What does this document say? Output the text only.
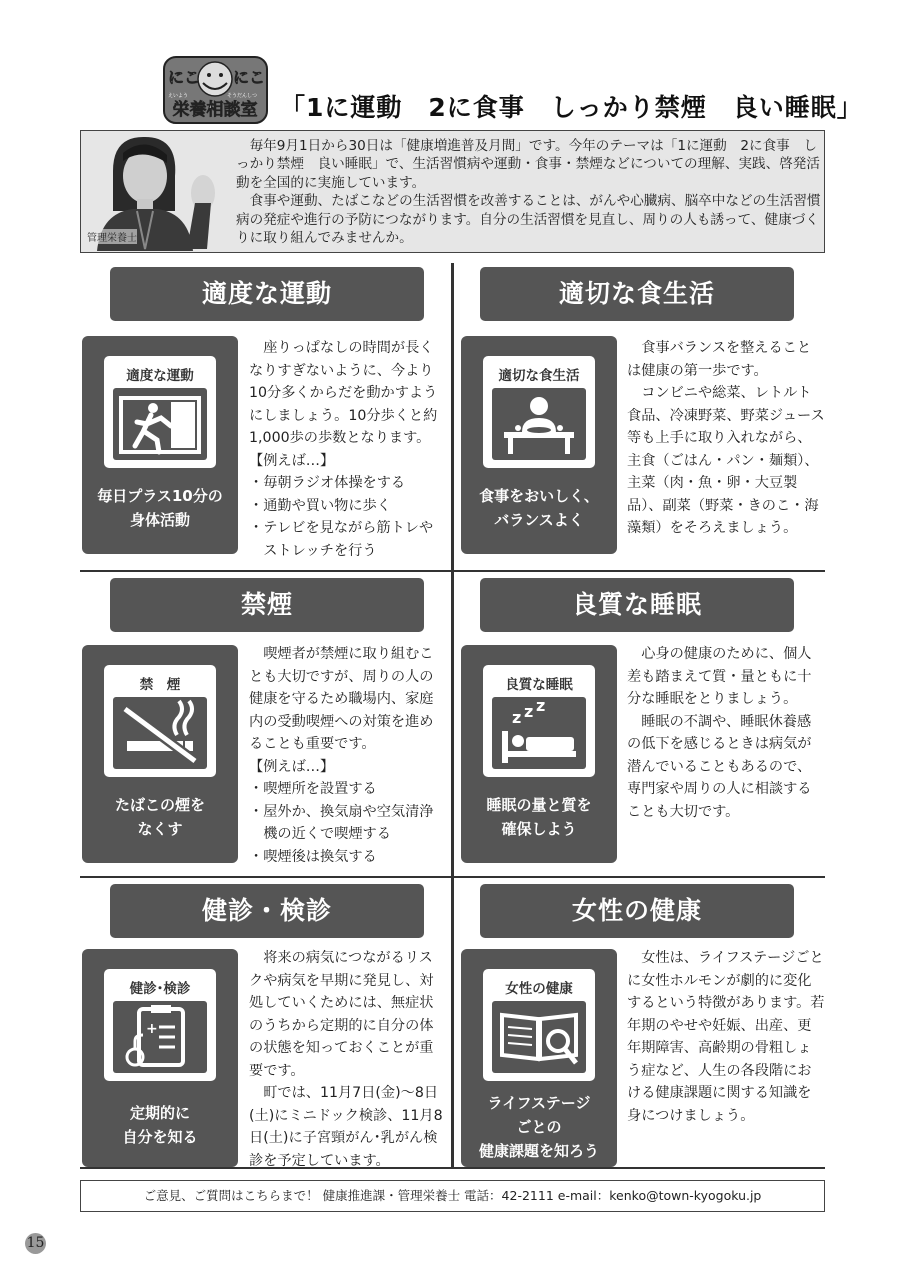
にこ にこ
えいよう	そうだんしつ
栄養相談室 「1に運動　2に食事　しっかり禁煙　良い睡眠」
管理栄養士

毎年9月1日から30日は「健康増進普及月間」です。今年のテーマは「1に運動　2に食事　しっかり禁煙　良い睡眠」で、生活習慣病や運動・食事・禁煙などについての理解、実践、啓発活動を全国的に実施しています。

食事や運動、たばこなどの生活習慣を改善することは、がんや心臓病、脳卒中などの生活習慣病の発症や進行の予防につながります。自分の生活習慣を見直し、周りの人も誘って、健康づくりに取り組んでみませんか。

適度な運動
適度な運動
毎日プラス10分の
身体活動
座りっぱなしの時間が長くなりすぎないように、今より10分多くからだを動かすようにしましょう。10分歩くと約1,000歩の歩数となります。
【例えば…】
・毎朝ラジオ体操をする
・通勤や買い物に歩く
・テレビを見ながら筋トレやストレッチを行う
適切な食生活
適切な食生活
食事をおいしく、
バランスよく
食事バランスを整えることは健康の第一歩です。
コンビニや総菜、レトルト食品、冷凍野菜、野菜ジュース等も上手に取り入れながら、主食（ごはん・パン・麺類）、主菜（肉・魚・卵・大豆製品）、副菜（野菜・きのこ・海藻類）をそろえましょう。
禁煙
禁　煙
たばこの煙を
なくす
喫煙者が禁煙に取り組むことも大切ですが、周りの人の健康を守るため職場内、家庭内の受動喫煙への対策を進めることも重要です。
【例えば…】
・喫煙所を設置する
・屋外か、換気扇や空気清浄機の近くで喫煙する
・喫煙後は換気する
良質な睡眠
良質な睡眠
z z z
睡眠の量と質を
確保しよう
心身の健康のために、個人差も踏まえて質・量ともに十分な睡眠をとりましょう。
睡眠の不調や、睡眠休養感の低下を感じるときは病気が潜んでいることもあるので、専門家や周りの人に相談することも大切です。
健診・検診
健診･検診
+
定期的に
自分を知る
将来の病気につながるリスクや病気を早期に発見し、対処していくためには、無症状のうちから定期的に自分の体の状態を知っておくことが重要です。
町では、11月7日(金)～8日(土)にミニドック検診、11月8日(土)に子宮頸がん･乳がん検診を予定しています。
女性の健康
女性の健康
ライフステージ
ごとの
健康課題を知ろう
女性は、ライフステージごとに女性ホルモンが劇的に変化するという特徴があります。若年期のやせや妊娠、出産、更年期障害、高齢期の骨粗しょう症など、人生の各段階における健康課題に関する知識を身につけましょう。
ご意見、ご質問はこちらまで！ 健康推進課・管理栄養士 電話：42-2111 e-mail：kenko@town-kyogoku.jp
15
